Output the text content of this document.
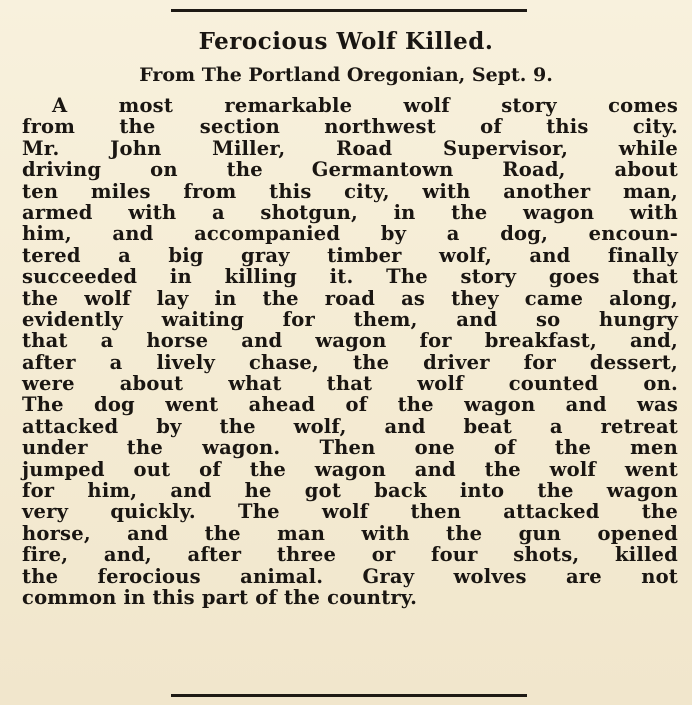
Ferocious Wolf Killed.

From The Portland Oregonian, Sept. 9.

A most remarkable wolf story comes
from the section northwest of this city.
Mr. John Miller, Road Supervisor, while
driving on the Germantown Road, about
ten miles from this city, with another man,
armed with a shotgun, in the wagon with
him, and accompanied by a dog, encoun-
tered a big gray timber wolf, and finally
succeeded in killing it. The story goes that
the wolf lay in the road as they came along,
evidently waiting for them, and so hungry
that a horse and wagon for breakfast, and,
after a lively chase, the driver for dessert,
were about what that wolf counted on.
The dog went ahead of the wagon and was
attacked by the wolf, and beat a retreat
under the wagon. Then one of the men
jumped out of the wagon and the wolf went
for him, and he got back into the wagon
very quickly. The wolf then attacked the
horse, and the man with the gun opened
fire, and, after three or four shots, killed
the ferocious animal. Gray wolves are not
common in this part of the country.
